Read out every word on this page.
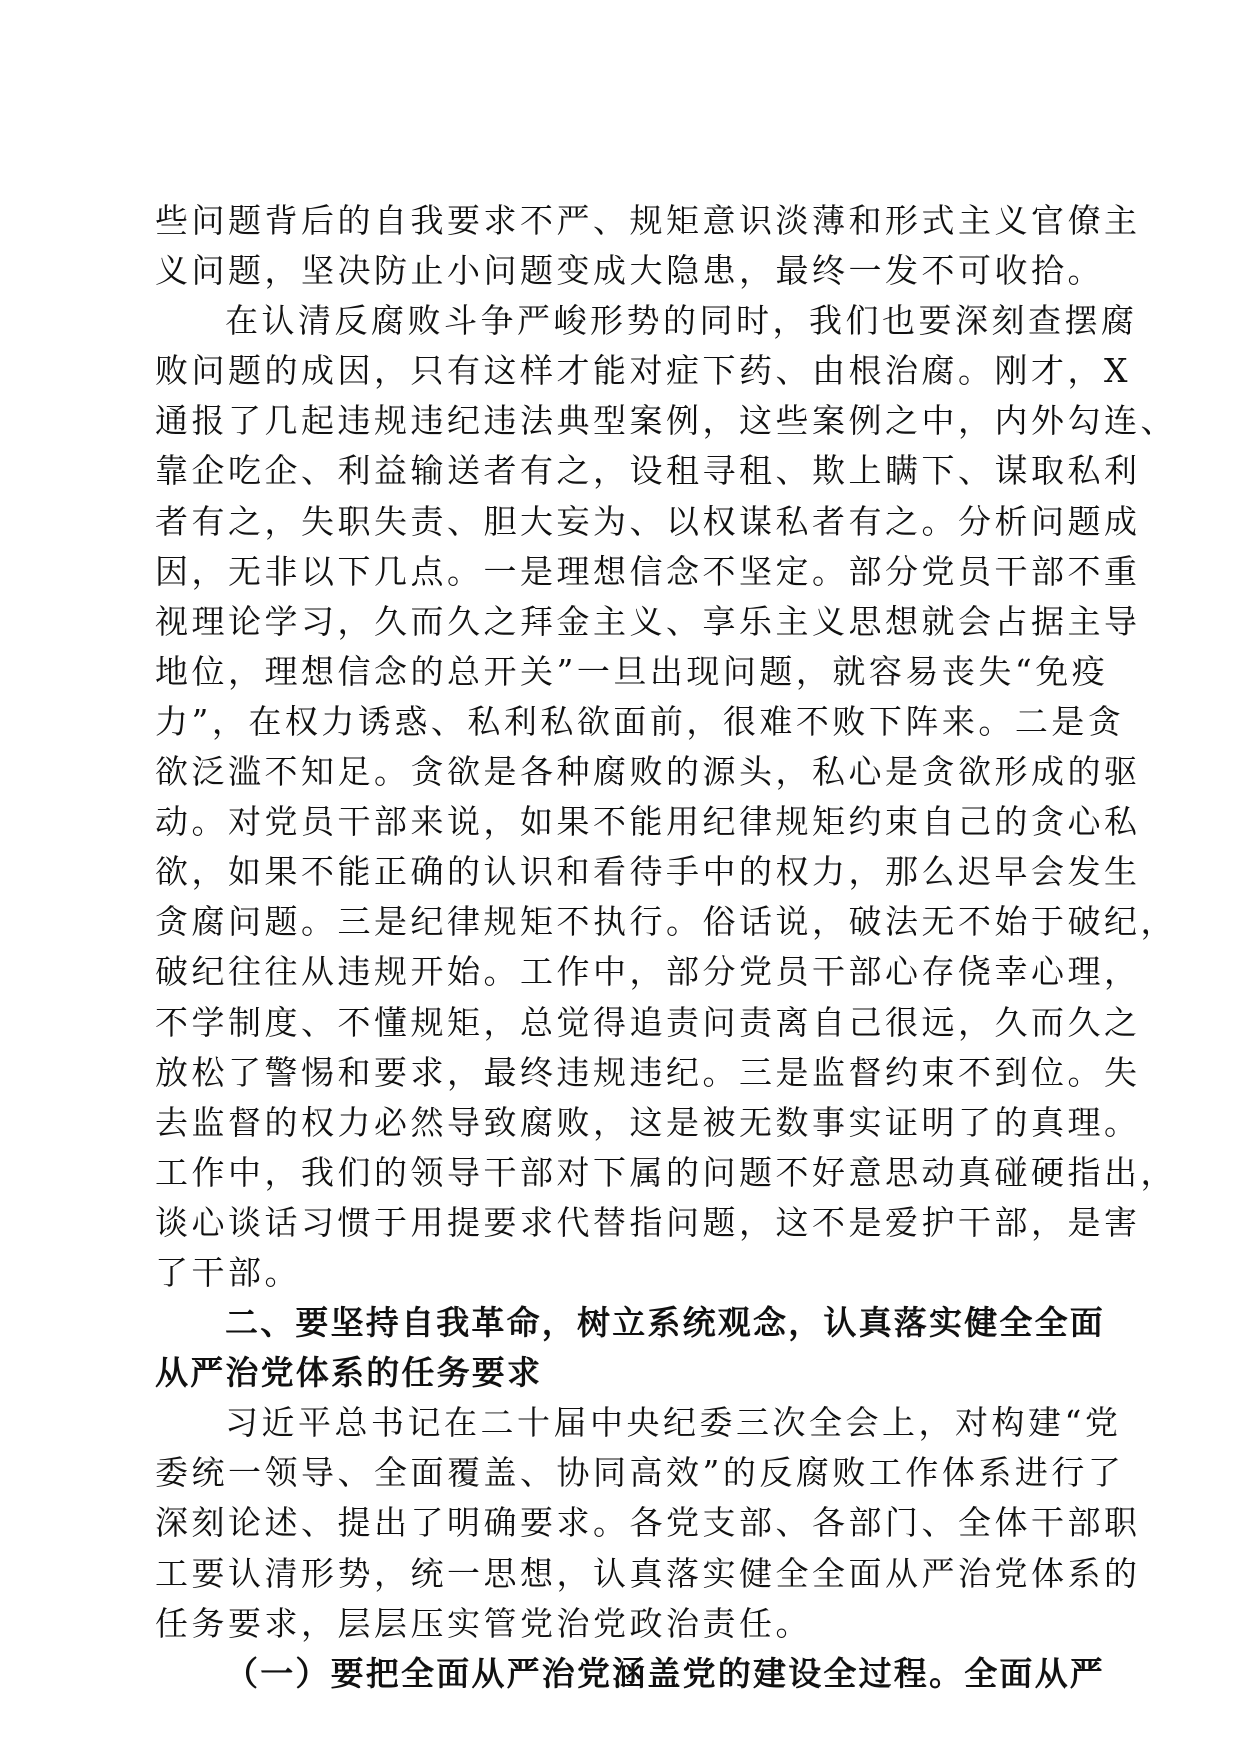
些问题背后的自我要求不严、规矩意识淡薄和形式主义官僚主
义问题，坚决防止小问题变成大隐患，最终一发不可收拾。
在认清反腐败斗争严峻形势的同时，我们也要深刻查摆腐
败问题的成因，只有这样才能对症下药、由根治腐。刚才，X
通报了几起违规违纪违法典型案例，这些案例之中，内外勾连、
靠企吃企、利益输送者有之，设租寻租、欺上瞒下、谋取私利
者有之，失职失责、胆大妄为、以权谋私者有之。分析问题成
因，无非以下几点。一是理想信念不坚定。部分党员干部不重
视理论学习，久而久之拜金主义、享乐主义思想就会占据主导
地位，理想信念的总开关”一旦出现问题，就容易丧失“免疫
力”，在权力诱惑、私利私欲面前，很难不败下阵来。二是贪
欲泛滥不知足。贪欲是各种腐败的源头，私心是贪欲形成的驱
动。对党员干部来说，如果不能用纪律规矩约束自己的贪心私
欲，如果不能正确的认识和看待手中的权力，那么迟早会发生
贪腐问题。三是纪律规矩不执行。俗话说，破法无不始于破纪，
破纪往往从违规开始。工作中，部分党员干部心存侥幸心理，
不学制度、不懂规矩，总觉得追责问责离自己很远，久而久之
放松了警惕和要求，最终违规违纪。三是监督约束不到位。失
去监督的权力必然导致腐败，这是被无数事实证明了的真理。
工作中，我们的领导干部对下属的问题不好意思动真碰硬指出，
谈心谈话习惯于用提要求代替指问题，这不是爱护干部，是害
了干部。
二、要坚持自我革命，树立系统观念，认真落实健全全面
从严治党体系的任务要求
习近平总书记在二十届中央纪委三次全会上，对构建“党
委统一领导、全面覆盖、协同高效”的反腐败工作体系进行了
深刻论述、提出了明确要求。各党支部、各部门、全体干部职
工要认清形势，统一思想，认真落实健全全面从严治党体系的
任务要求，层层压实管党治党政治责任。
（一）要把全面从严治党涵盖党的建设全过程。全面从严
